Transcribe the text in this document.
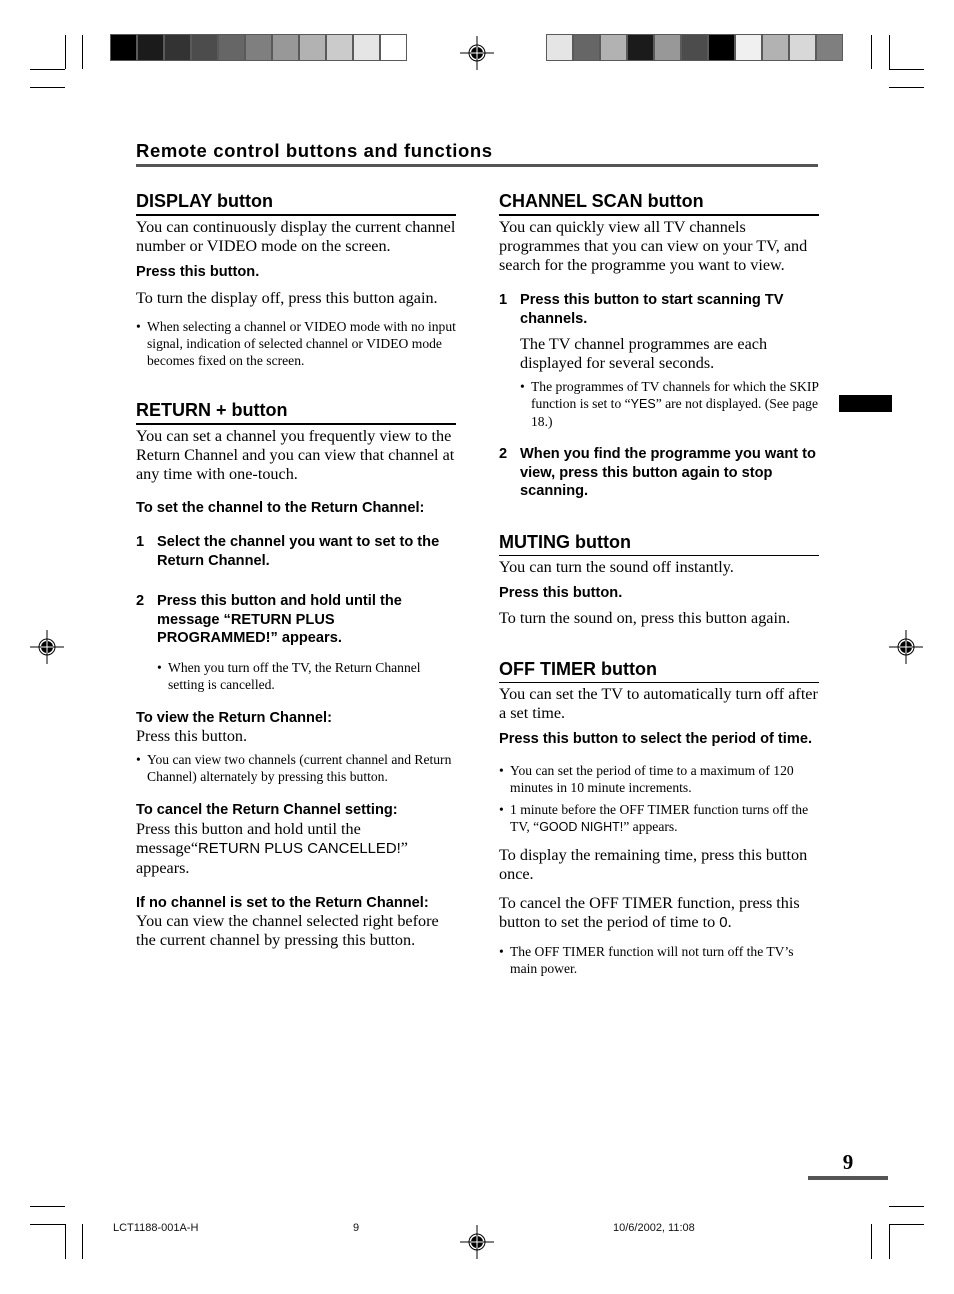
Remote control buttons and functions
DISPLAY button

You can continuously display the current channel number or VIDEO mode on the screen.

Press this button.

To turn the display off, press this button again.

• When selecting a channel or VIDEO mode with no input signal, indication of selected channel or VIDEO mode becomes fixed on the screen.

RETURN + button

You can set a channel you frequently view to the Return Channel and you can view that channel at any time with one-touch.

To set the channel to the Return Channel:

1 Select the channel you want to set to the Return Channel.
2 Press this button and hold until the message “RETURN PLUS PROGRAMMED!” appears.

• When you turn off the TV, the Return Channel setting is cancelled.

To view the Return Channel:

Press this button.

• You can view two channels (current channel and Return Channel) alternately by pressing this button.

To cancel the Return Channel setting:

Press this button and hold until the message“RETURN PLUS CANCELLED!” appears.

If no channel is set to the Return Channel:

You can view the channel selected right before the current channel by pressing this button.

CHANNEL SCAN button

You can quickly view all TV channels programmes that you can view on your TV, and search for the programme you want to view.

1 Press this button to start scanning TV channels.

The TV channel programmes are each displayed for several seconds.

• The programmes of TV channels for which the SKIP function is set to “YES” are not displayed. (See page 18.)

2 When you find the programme you want to view, press this button again to stop scanning.
MUTING button

You can turn the sound off instantly.

Press this button.

To turn the sound on, press this button again.

OFF TIMER button

You can set the TV to automatically turn off after a set time.

Press this button to select the period of time.

• You can set the period of time to a maximum of 120 minutes in 10 minute increments.

• 1 minute before the OFF TIMER function turns off the TV, “GOOD NIGHT!” appears.

To display the remaining time, press this button once.

To cancel the OFF TIMER function, press this button to set the period of time to 0.

• The OFF TIMER function will not turn off the TV’s main power.

9
LCT1188-001A-H	9	10/6/2002, 11:08
